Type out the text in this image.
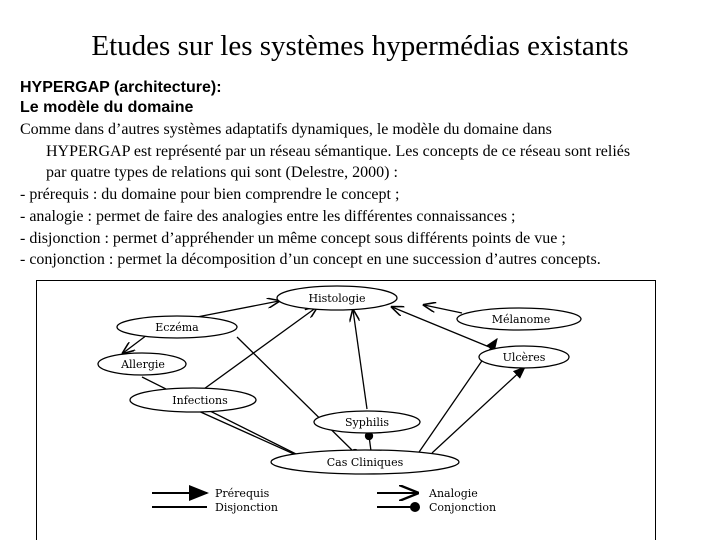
Etudes sur les systèmes hypermédias existants
HYPERGAP (architecture):
Le modèle du domaine
Comme dans d’autres systèmes adaptatifs dynamiques, le modèle du domaine dans
HYPERGAP est représenté par un réseau sémantique. Les concepts de ce réseau sont reliés
par quatre types de relations qui sont (Delestre, 2000) :
- prérequis : du domaine pour bien comprendre le concept ;
- analogie : permet de faire des analogies entre les différentes connaissances ;
- disjonction : permet d’appréhender un même concept sous différents points de vue ;
- conjonction : permet la décomposition d’un concept en une succession d’autres concepts.
Histologie
Eczéma
Mélanome
Allergie
Ulcères
Infections
Syphilis
Cas Cliniques
Prérequis
Disjonction
Analogie
Conjonction
